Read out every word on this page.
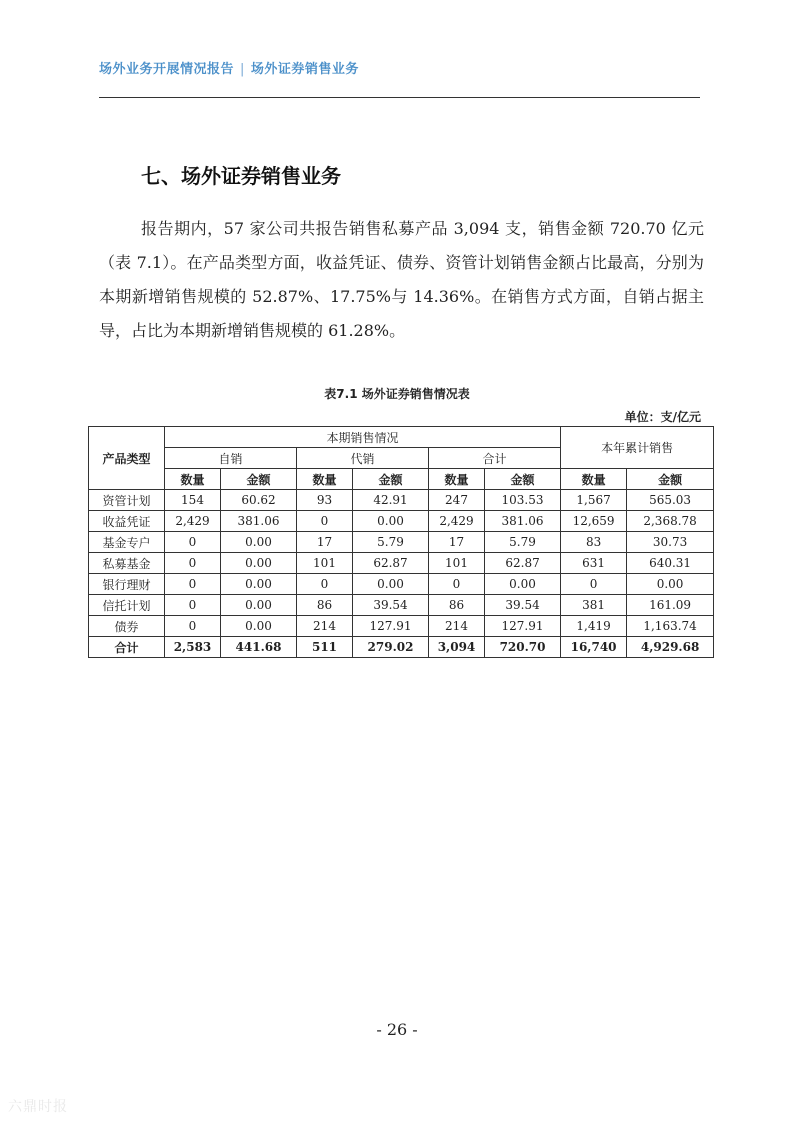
场外业务开展情况报告 | 场外证券销售业务
七、场外证券销售业务
报告期内，57 家公司共报告销售私募产品 3,094 支，销售金额 720.70 亿元（表 7.1）。在产品类型方面，收益凭证、债券、资管计划销售金额占比最高，分别为本期新增销售规模的 52.87%、17.75%与 14.36%。在销售方式方面，自销占据主导，占比为本期新增销售规模的 61.28%。
表7.1 场外证券销售情况表
单位：支/亿元
产品类型	本期销售情况						本年累计销售	
	自销		代销		合计			
	数量	金额	数量	金额	数量	金额	数量	金额
资管计划	154	60.62	93	42.91	247	103.53	1,567	565.03
收益凭证	2,429	381.06	0	0.00	2,429	381.06	12,659	2,368.78
基金专户	0	0.00	17	5.79	17	5.79	83	30.73
私募基金	0	0.00	101	62.87	101	62.87	631	640.31
银行理财	0	0.00	0	0.00	0	0.00	0	0.00
信托计划	0	0.00	86	39.54	86	39.54	381	161.09
债券	0	0.00	214	127.91	214	127.91	1,419	1,163.74
合计	2,583	441.68	511	279.02	3,094	720.70	16,740	4,929.68
- 26 -
六鼎时报
